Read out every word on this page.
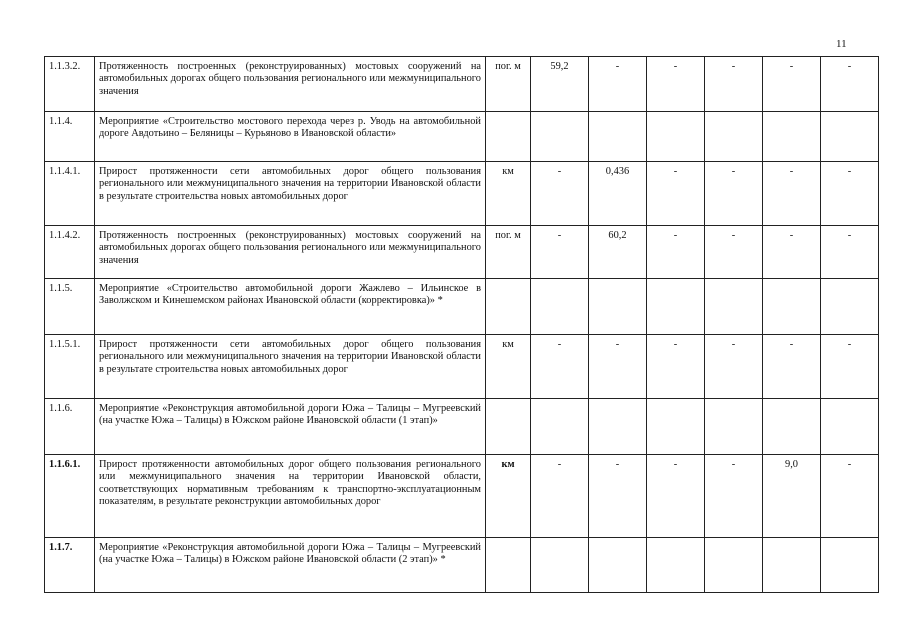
11
1.1.3.2.	Протяженность построенных (реконструированных) мостовых сооружений на автомобильных дорогах общего пользования регионального или межмуниципального значения	пог. м	59,2	-	-	-	-	-
1.1.4.	Мероприятие «Строительство мостового перехода через р. Уводь на автомобильной дороге Авдотьино – Беляницы – Курьяново в Ивановской области»							
1.1.4.1.	Прирост протяженности сети автомобильных дорог общего пользования регионального или межмуниципального значения на территории Ивановской области в результате строительства новых автомобильных дорог	км	-	0,436	-	-	-	-
1.1.4.2.	Протяженность построенных (реконструированных) мостовых сооружений на автомобильных дорогах общего пользования регионального или межмуниципального значения	пог. м	-	60,2	-	-	-	-
1.1.5.	Мероприятие «Строительство автомобильной дороги Жажлево – Ильинское в Заволжском и Кинешемском районах Ивановской области (корректировка)» *							
1.1.5.1.	Прирост протяженности сети автомобильных дорог общего пользования регионального или межмуниципального значения на территории Ивановской области в результате строительства новых автомобильных дорог	км	-	-	-	-	-	-
1.1.6.	Мероприятие «Реконструкция автомобильной дороги Южа – Талицы – Мугреевский (на участке Южа – Талицы) в Южском районе Ивановской области (1 этап)»							
1.1.6.1.	Прирост протяженности автомобильных дорог общего пользования регионального или межмуниципального значения на территории Ивановской области, соответствующих нормативным требованиям к транспортно-эксплуатационным показателям, в результате реконструкции автомобильных дорог	км	-	-	-	-	9,0	-
1.1.7.	Мероприятие «Реконструкция автомобильной дороги Южа – Талицы – Мугреевский (на участке Южа – Талицы) в Южском районе Ивановской области (2 этап)» *							
